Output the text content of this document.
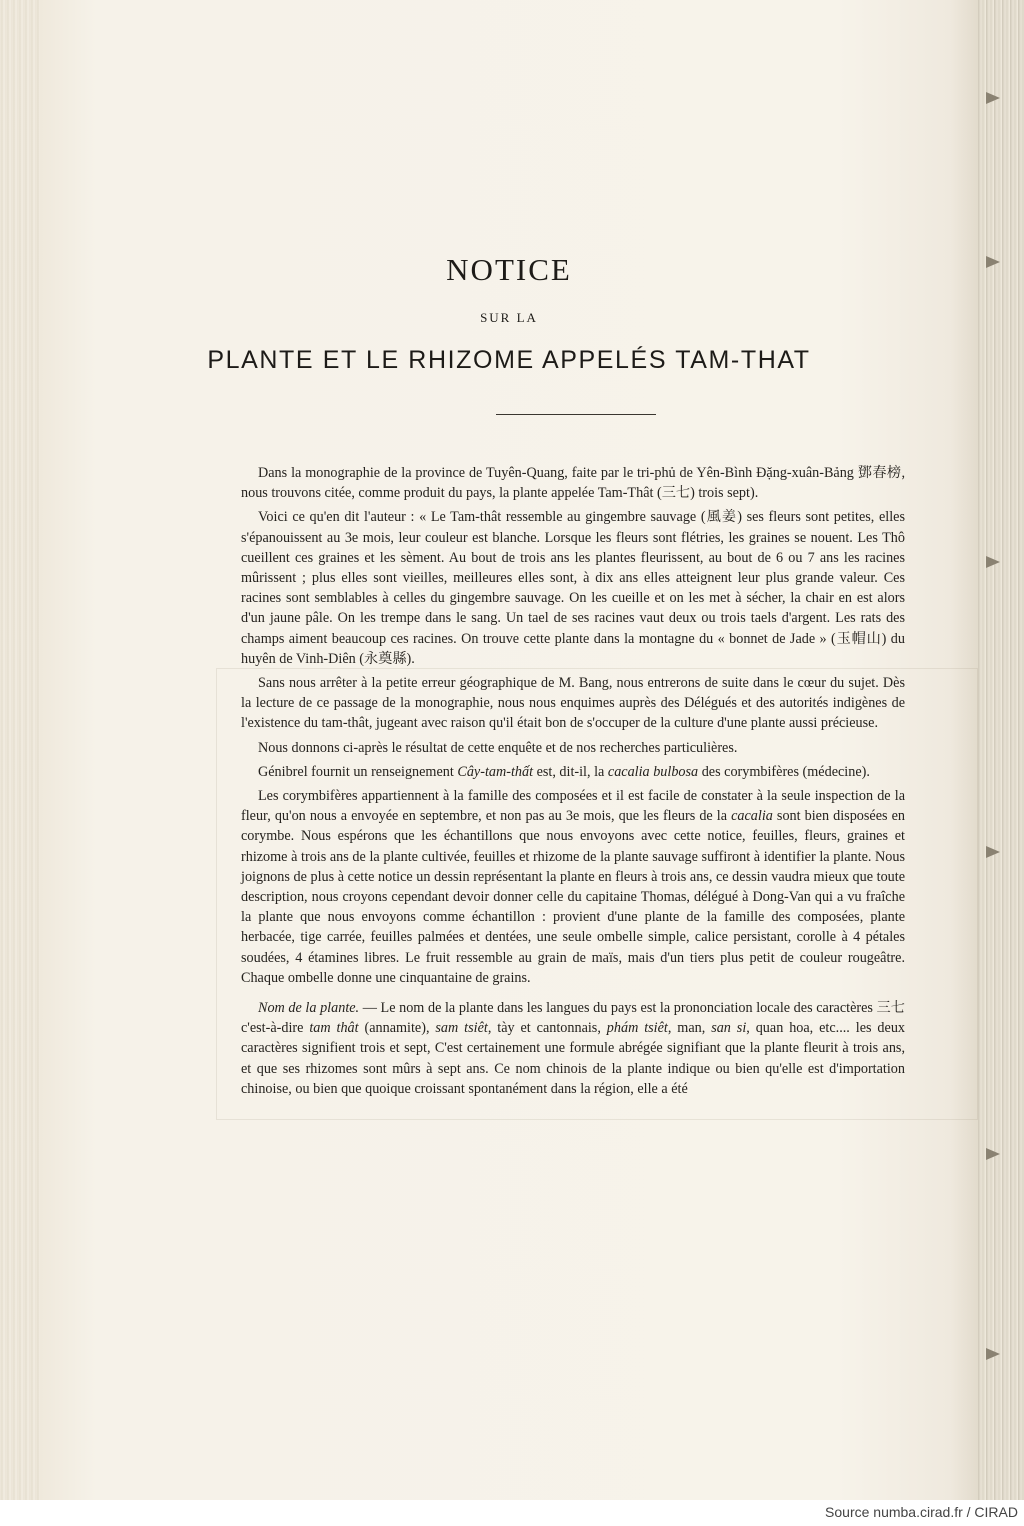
NOTICE
SUR LA
PLANTE ET LE RHIZOME APPELÉS TAM-THAT

Dans la monographie de la province de Tuyên-Quang, faite par le tri-phủ de Yên-Bình Đặng-xuân-Bảng 鄧春榜, nous trouvons citée, comme produit du pays, la plante appelée Tam-Thât (三七) trois sept).

Voici ce qu'en dit l'auteur : « Le Tam-thât ressemble au gingembre sauvage (風姜) ses fleurs sont petites, elles s'épanouissent au 3e mois, leur couleur est blanche. Lorsque les fleurs sont flétries, les graines se nouent. Les Thô cueillent ces graines et les sèment. Au bout de trois ans les plantes fleurissent, au bout de 6 ou 7 ans les racines mûrissent ; plus elles sont vieilles, meilleures elles sont, à dix ans elles atteignent leur plus grande valeur. Ces racines sont semblables à celles du gingembre sauvage. On les cueille et on les met à sécher, la chair en est alors d'un jaune pâle. On les trempe dans le sang. Un tael de ses racines vaut deux ou trois taels d'argent. Les rats des champs aiment beaucoup ces racines. On trouve cette plante dans la montagne du « bonnet de Jade » (玉帽山) du huyên de Vinh-Diên (永奠縣).

Sans nous arrêter à la petite erreur géographique de M. Bang, nous entrerons de suite dans le cœur du sujet. Dès la lecture de ce passage de la monographie, nous nous enquimes auprès des Délégués et des autorités indigènes de l'existence du tam-thât, jugeant avec raison qu'il était bon de s'occuper de la culture d'une plante aussi précieuse.

Nous donnons ci-après le résultat de cette enquête et de nos recherches particulières.

Génibrel fournit un renseignement Cây-tam-thất est, dit-il, la cacalia bulbosa des corymbifères (médecine).

Les corymbifères appartiennent à la famille des composées et il est facile de constater à la seule inspection de la fleur, qu'on nous a envoyée en septembre, et non pas au 3e mois, que les fleurs de la cacalia sont bien disposées en corymbe. Nous espérons que les échantillons que nous envoyons avec cette notice, feuilles, fleurs, graines et rhizome à trois ans de la plante cultivée, feuilles et rhizome de la plante sauvage suffiront à identifier la plante. Nous joignons de plus à cette notice un dessin représentant la plante en fleurs à trois ans, ce dessin vaudra mieux que toute description, nous croyons cependant devoir donner celle du capitaine Thomas, délégué à Dong-Van qui a vu fraîche la plante que nous envoyons comme échantillon : provient d'une plante de la famille des composées, plante herbacée, tige carrée, feuilles palmées et dentées, une seule ombelle simple, calice persistant, corolle à 4 pétales soudées, 4 étamines libres. Le fruit ressemble au grain de maïs, mais d'un tiers plus petit de couleur rougeâtre. Chaque ombelle donne une cinquantaine de grains.

Nom de la plante. — Le nom de la plante dans les langues du pays est la prononciation locale des caractères 三七 c'est-à-dire tam thât (annamite), sam tsiêt, tày et cantonnais, phám tsiêt, man, san si, quan hoa, etc.... les deux caractères signifient trois et sept, C'est certainement une formule abrégée signifiant que la plante fleurit à trois ans, et que ses rhizomes sont mûrs à sept ans. Ce nom chinois de la plante indique ou bien qu'elle est d'importation chinoise, ou bien que quoique croissant spontanément dans la région, elle a été

Source numba.cirad.fr / CIRAD
